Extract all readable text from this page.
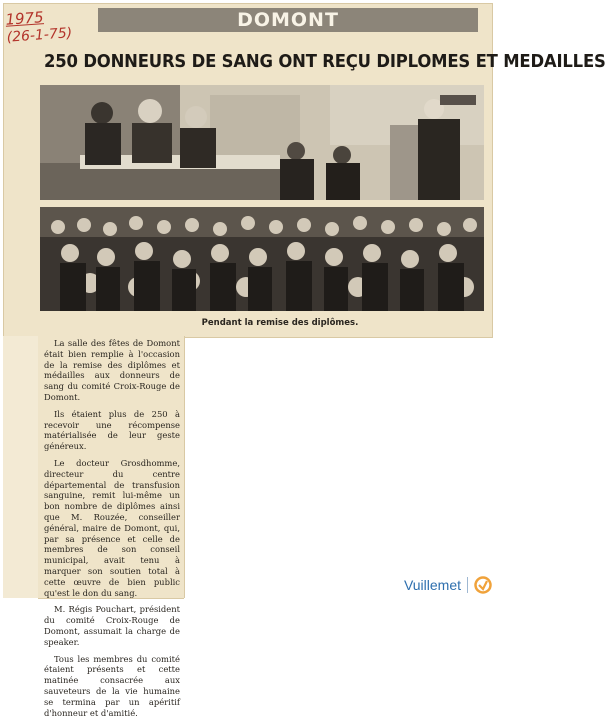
1975
(26-1-75)
DOMONT
250 DONNEURS DE SANG ONT REÇU DIPLOMES ET MEDAILLES
Pendant la remise des diplômes.

La salle des fêtes de Domont était bien remplie à l'occasion de la remise des diplômes et médailles aux donneurs de sang du comité Croix-Rouge de Domont.

Ils étaient plus de 250 à recevoir une récompense matérialisée de leur geste généreux.

Le docteur Grosdhomme, directeur du centre départemental de transfusion sanguine, remit lui-même un bon nombre de diplômes ainsi que M. Rouzée, conseiller général, maire de Domont, qui, par sa présence et celle de membres de son conseil municipal, avait tenu à marquer son soutien total à cette œuvre de bien public qu'est le don du sang.

M. Régis Pouchart, président du comité Croix-Rouge de Domont, assumait la charge de speaker.

Tous les membres du comité étaient présents et cette matinée consacrée aux sauveteurs de la vie humaine se termina par un apéritif d'honneur et d'amitié.

Vuillemet
